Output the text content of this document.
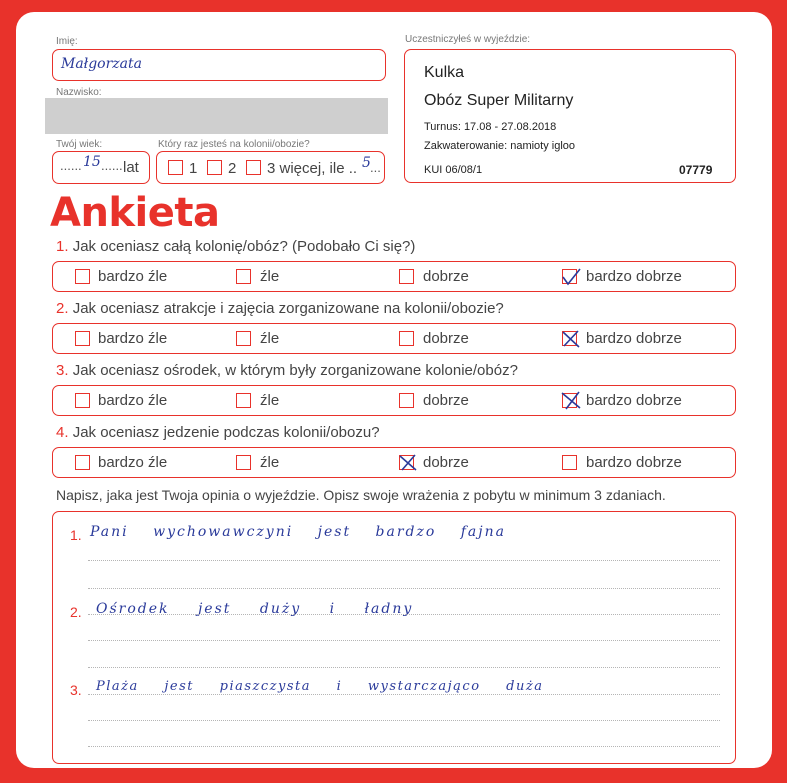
Imię:
Małgorzata
Nazwisko:
Twój wiek:
...... 15 ...... lat
Który raz jesteś na kolonii/obozie?
1 2 3 więcej, ile .. 5 ...
Uczestniczyłeś w wyjeździe:
Kulka
Obóz Super Militarny
Turnus: 17.08 - 27.08.2018
Zakwaterowanie: namioty igloo
KUI 06/08/1	07779
Ankieta
1. Jak oceniasz całą kolonię/obóz? (Podobało Ci się?)
bardzo źle	źle	dobrze	bardzo dobrze
2. Jak oceniasz atrakcje i zajęcia zorganizowane na kolonii/obozie?
bardzo źle	źle	dobrze	bardzo dobrze
3. Jak oceniasz ośrodek, w którym były zorganizowane kolonie/obóz?
bardzo źle	źle	dobrze	bardzo dobrze
4. Jak oceniasz jedzenie podczas kolonii/obozu?
bardzo źle	źle	dobrze	bardzo dobrze
Napisz, jaka jest Twoja opinia o wyjeździe. Opisz swoje wrażenia z pobytu w minimum 3 zdaniach.
1. Pani wychowawczyni jest bardzo fajna
2. Ośrodek jest duży i ładny
3. Plaża jest piaszczysta i wystarczająco duża
